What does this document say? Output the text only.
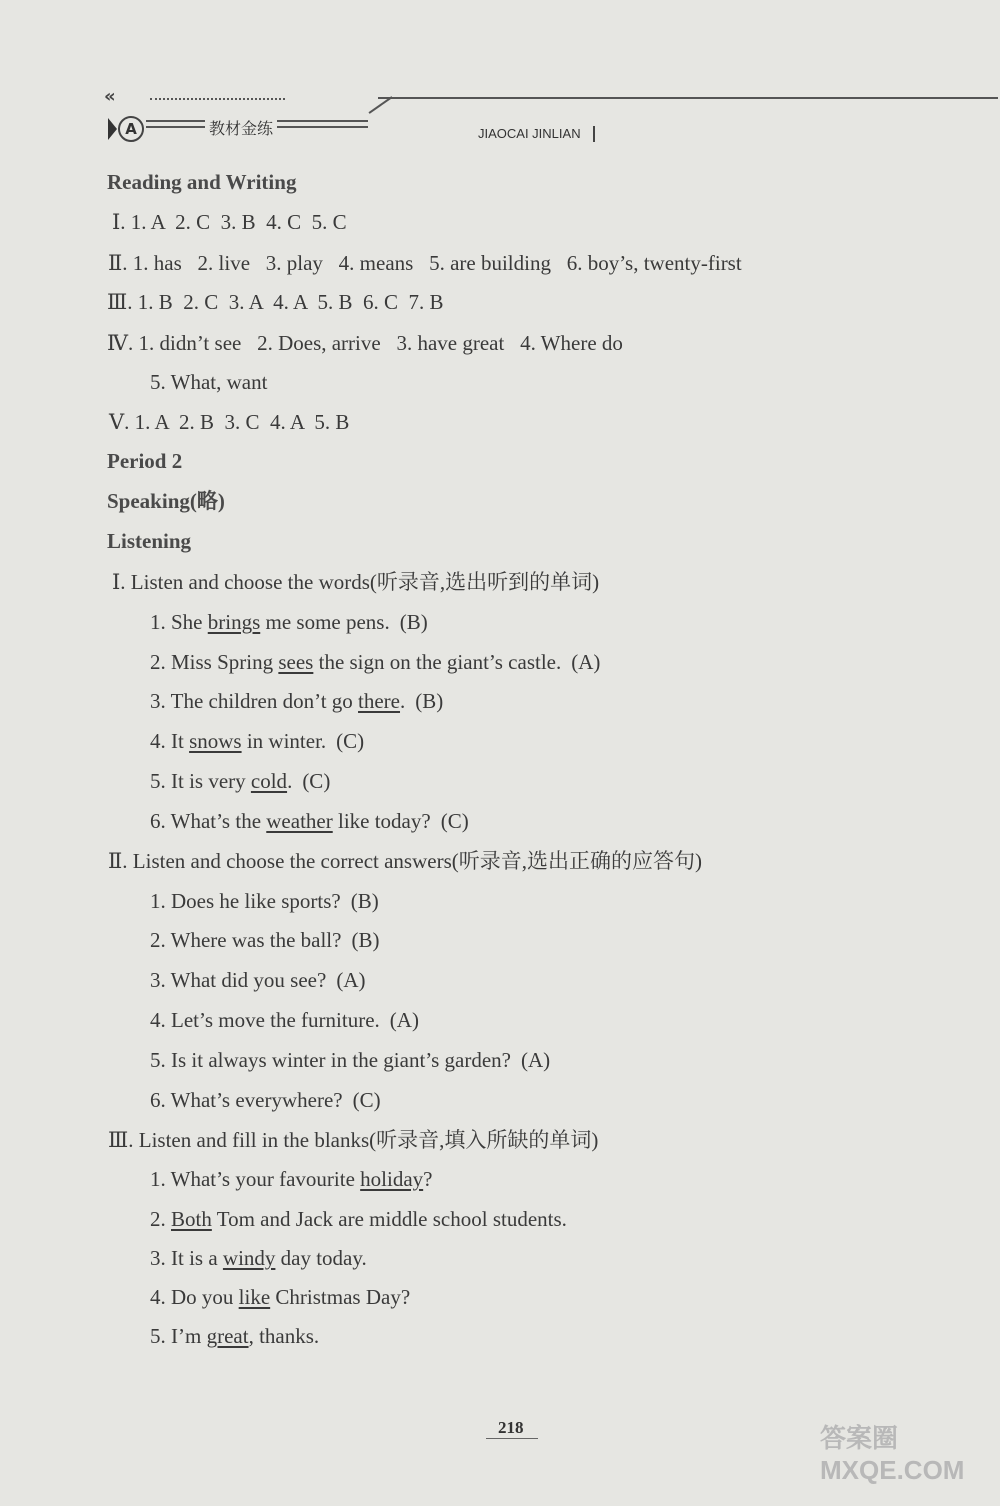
«
A	教材金练	JIAOCAI JINLIAN
Reading and Writing
Ⅰ. 1. A  2. C  3. B  4. C  5. C
Ⅱ. 1. has   2. live   3. play   4. means   5. are building   6. boy’s, twenty-first
Ⅲ. 1. B  2. C  3. A  4. A  5. B  6. C  7. B
Ⅳ. 1. didn’t see   2. Does, arrive   3. have great   4. Where do
5. What, want
Ⅴ. 1. A  2. B  3. C  4. A  5. B
Period 2
Speaking(略)
Listening
Ⅰ. Listen and choose the words(听录音,选出听到的单词)
1. She brings me some pens. (B)
2. Miss Spring sees the sign on the giant’s castle. (A)
3. The children don’t go there. (B)
4. It snows in winter. (C)
5. It is very cold. (C)
6. What’s the weather like today? (C)
Ⅱ. Listen and choose the correct answers(听录音,选出正确的应答句)
1. Does he like sports? (B)
2. Where was the ball? (B)
3. What did you see? (A)
4. Let’s move the furniture. (A)
5. Is it always winter in the giant’s garden? (A)
6. What’s everywhere? (C)
Ⅲ. Listen and fill in the blanks(听录音,填入所缺的单词)
1. What’s your favourite holiday?
2. Both Tom and Jack are middle school students.
3. It is a windy day today.
4. Do you like Christmas Day?
5. I’m great, thanks.
218	答案圈 MXQE.COM
